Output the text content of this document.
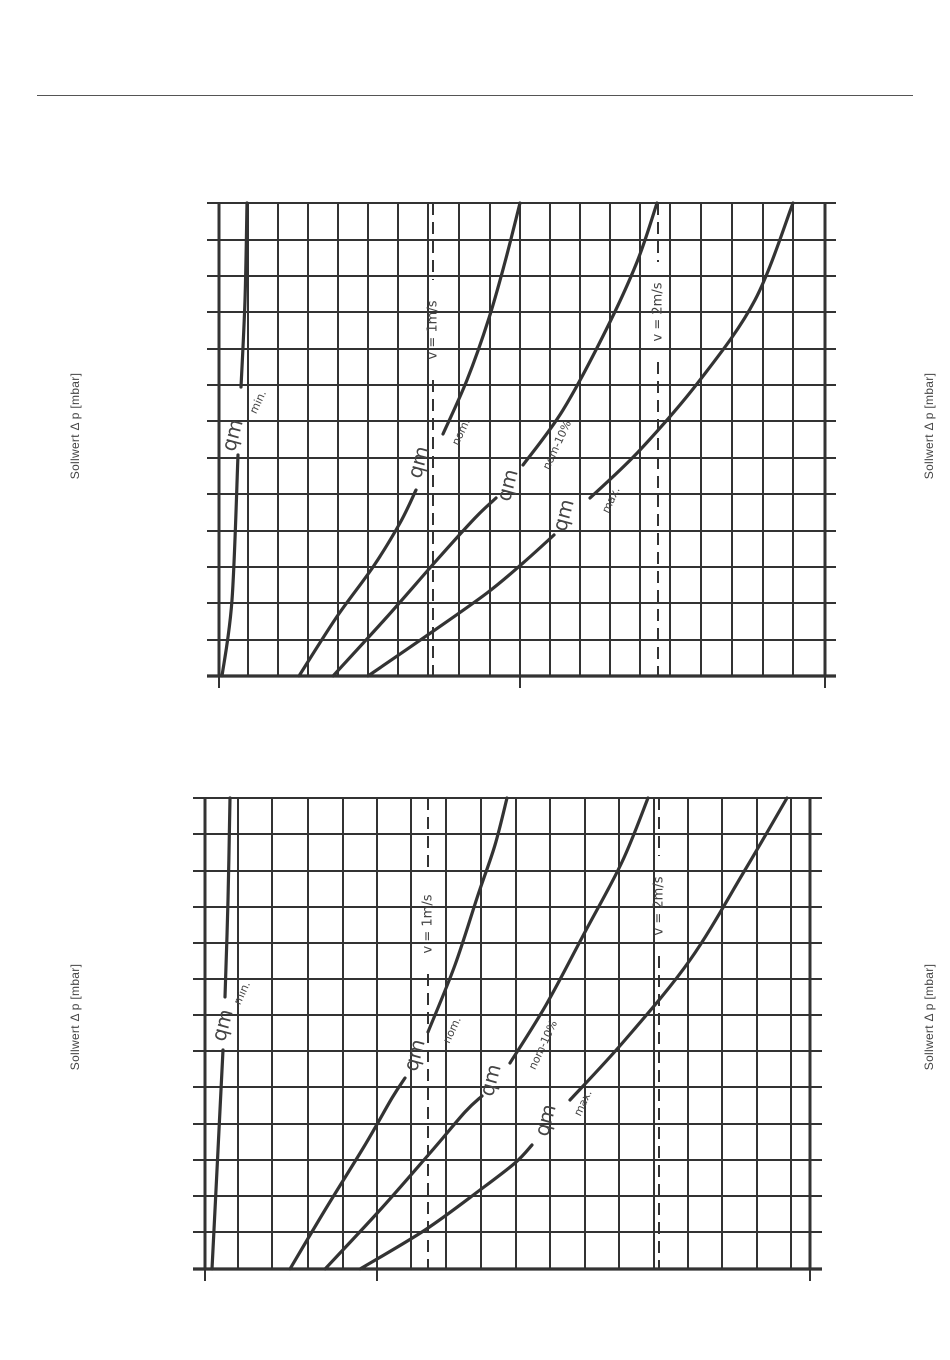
Sollwert Δ p [mbar]	Sollwert Δ p [mbar]
Sollwert Δ p [mbar]	Sollwert Δ p [mbar]
v = 1m/s	v = 2m/s
qm
min.
qm
nom.
qm
nom-10%
qm max.
v = 1m/s	v = 2m/s
qm
min.
qm
nom.
qm
nom-10%
qm max.
